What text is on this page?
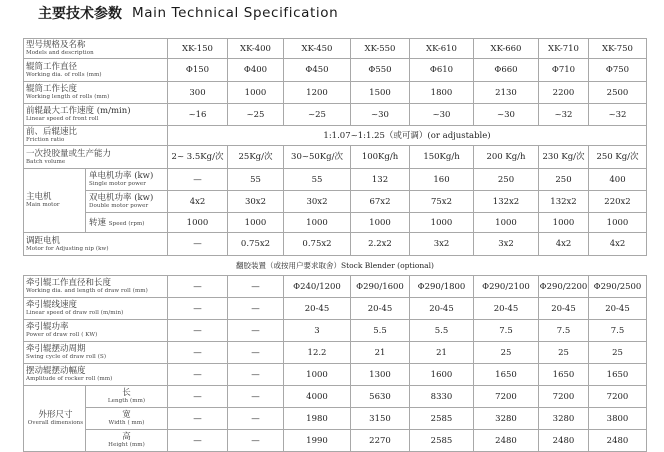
主要技术参数 Main Technical Specification
型号规格及名称
Models and description		XK-150	XK-400	XK-450	XK-550	XK-610	XK-660	XK-710	XK-750

辊筒工作直径
Working dia. of rolls (mm)		Φ150	Φ400	Φ450	Φ550	Φ610	Φ660	Φ710	Φ750

辊筒工作长度
Working length of rolls (mm)		300	1000	1200	1500	1800	2130	2200	2500

前辊最大工作速度 (m/min)
Linear speed of front roll		~16	~25	~25	~30	~30	~30	~32	~32

前、后辊速比
Friction ratio		1:1.07~1:1.25（或可调）(or adjustable)							

一次投胶量或生产能力
Batch volume		2~ 3.5Kg/次	25Kg/次	30~50Kg/次	100Kg/h	150Kg/h	200 Kg/h	230 Kg/次	250 Kg/次

主电机
Main motor	单电机功率 (kw)
Single motor power	—	55	55	132	160	250	250	400

	双电机功率 (kw)
Double motor power	4x2	30x2	30x2	67x2	75x2	132x2	132x2	220x2
	转速 Speed (rpm)	1000	1000	1000	1000	1000	1000	1000	1000

调距电机
Motor for Adjusting nip (kw)		—	0.75x2	0.75x2	2.2x2	3x2	3x2	4x2	4x2
翻胶装置（或按用户要求取舍）Stock Blender (optional)									

牵引辊工作直径和长度
Working dia. and length of draw roll (mm)		—	—	Φ240/1200	Φ290/1600	Φ290/1800	Φ290/2100	Φ290/2200	Φ290/2500

牵引辊线速度
Linear speed of draw roll (m/min)		—	—	20-45	20-45	20-45	20-45	20-45	20-45

牵引辊功率
Power of draw roll ( KW)		—	—	3	5.5	5.5	7.5	7.5	7.5

牵引辊摆动周期
Swing cycle of draw roll (S)		—	—	12.2	21	21	25	25	25

摆动辊摆动幅度
Amplitude of rocker roll (mm)		—	—	1000	1300	1600	1650	1650	1650

外形尺寸
Overall dimensions	长
Length (mm)	—	—	4000	5630	8330	7200	7200	7200

	宽
Width ( mm)	—	—	1980	3150	2585	3280	3280	3800

	高
Height (mm)	—	—	1990	2270	2585	2480	2480	2480
